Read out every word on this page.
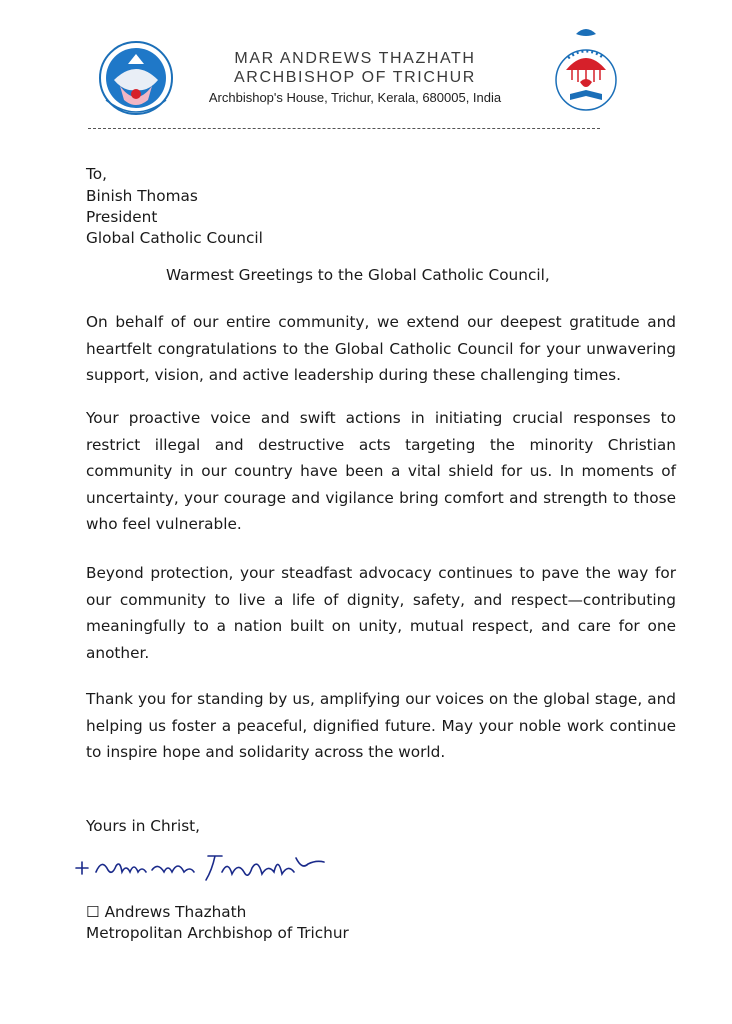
MAR ANDREWS THAZHATH
ARCHBISHOP OF TRICHUR
Archbishop's House, Trichur, Kerala, 680005, India
To,
Binish Thomas
President
Global Catholic Council
Warmest Greetings to the Global Catholic Council,
On behalf of our entire community, we extend our deepest gratitude and heartfelt congratulations to the Global Catholic Council for your unwavering support, vision, and active leadership during these challenging times.
Your proactive voice and swift actions in initiating crucial responses to restrict illegal and destructive acts targeting the minority Christian community in our country have been a vital shield for us. In moments of uncertainty, your courage and vigilance bring comfort and strength to those who feel vulnerable.
Beyond protection, your steadfast advocacy continues to pave the way for our community to live a life of dignity, safety, and respect—contributing meaningfully to a nation built on unity, mutual respect, and care for one another.
Thank you for standing by us, amplifying our voices on the global stage, and helping us foster a peaceful, dignified future. May your noble work continue to inspire hope and solidarity across the world.
Yours in Christ,
☐ Andrews Thazhath
Metropolitan Archbishop of Trichur
